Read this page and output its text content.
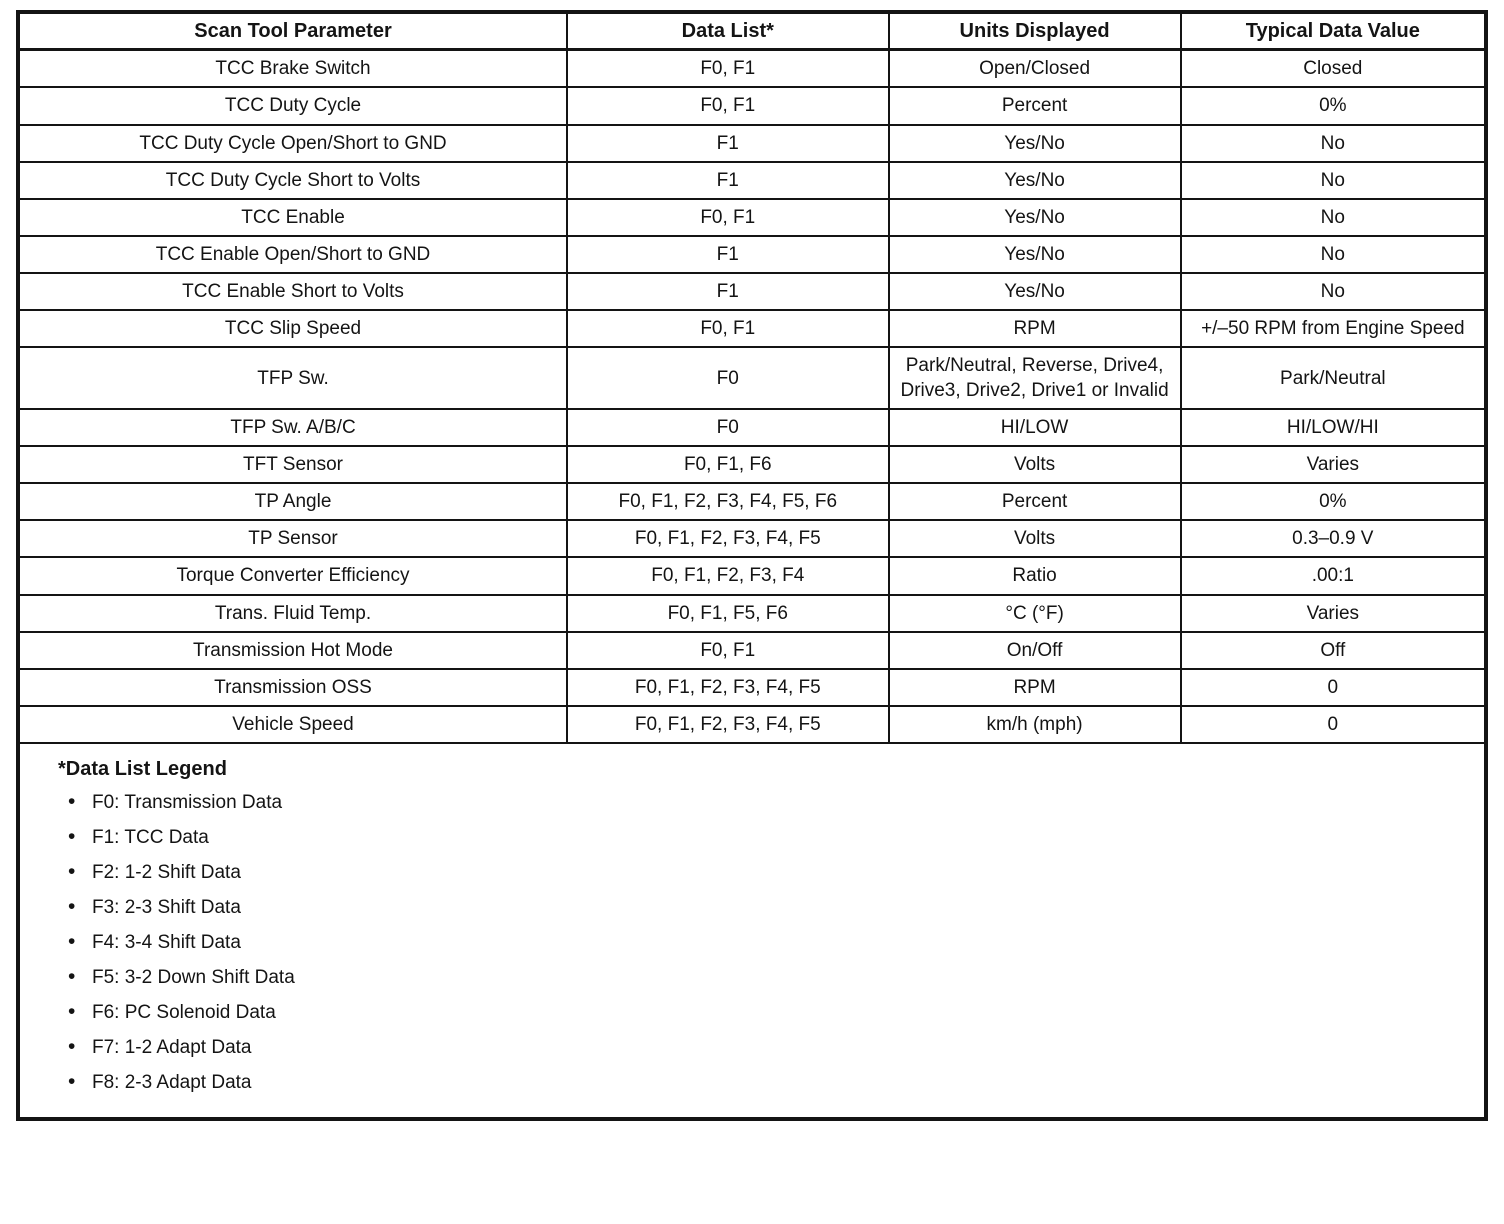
Scan Tool Parameter	Data List*	Units Displayed	Typical Data Value
TCC Brake Switch	F0, F1	Open/Closed	Closed
TCC Duty Cycle	F0, F1	Percent	0%
TCC Duty Cycle Open/Short to GND	F1	Yes/No	No
TCC Duty Cycle Short to Volts	F1	Yes/No	No
TCC Enable	F0, F1	Yes/No	No
TCC Enable Open/Short to GND	F1	Yes/No	No
TCC Enable Short to Volts	F1	Yes/No	No
TCC Slip Speed	F0, F1	RPM	+/–50 RPM from Engine Speed
TFP Sw.	F0	Park/Neutral, Reverse, Drive4, Drive3, Drive2, Drive1 or Invalid	Park/Neutral
TFP Sw. A/B/C	F0	HI/LOW	HI/LOW/HI
TFT Sensor	F0, F1, F6	Volts	Varies
TP Angle	F0, F1, F2, F3, F4, F5, F6	Percent	0%
TP Sensor	F0, F1, F2, F3, F4, F5	Volts	0.3–0.9 V
Torque Converter Efficiency	F0, F1, F2, F3, F4	Ratio	.00:1
Trans. Fluid Temp.	F0, F1, F5, F6	°C (°F)	Varies
Transmission Hot Mode	F0, F1	On/Off	Off
Transmission OSS	F0, F1, F2, F3, F4, F5	RPM	0
Vehicle Speed	F0, F1, F2, F3, F4, F5	km/h (mph)	0

*Data List Legend
• F0: Transmission Data
• F1: TCC Data
• F2: 1-2 Shift Data
• F3: 2-3 Shift Data
• F4: 3-4 Shift Data
• F5: 3-2 Down Shift Data
• F6: PC Solenoid Data
• F7: 1-2 Adapt Data
• F8: 2-3 Adapt Data
